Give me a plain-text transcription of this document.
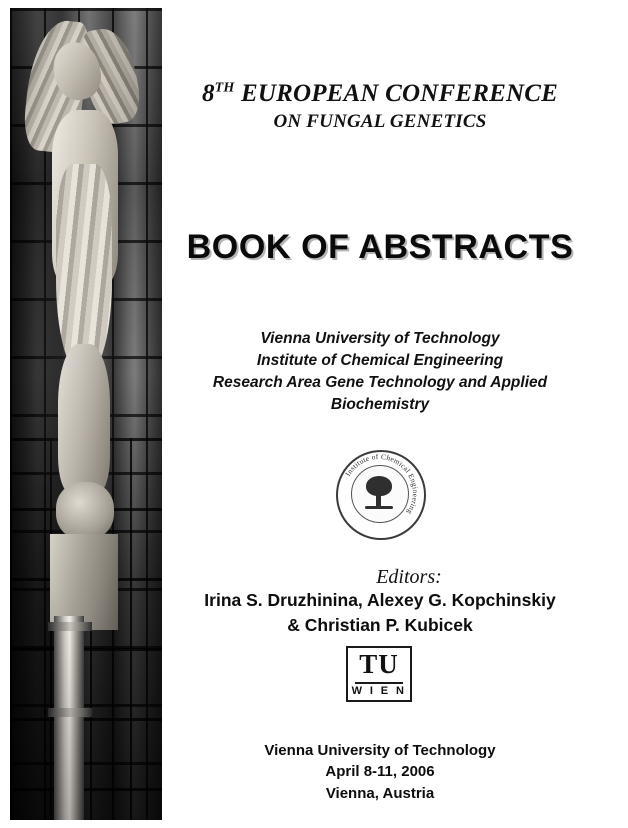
8TH EUROPEAN CONFERENCE
ON FUNGAL GENETICS
BOOK OF ABSTRACTS
Vienna University of Technology
Institute of Chemical Engineering
Research Area Gene Technology and Applied
Biochemistry
Institute of Chemical Engineering
Editors:
Irina S. Druzhinina, Alexey G. Kopchinskiy
& Christian P. Kubicek
TU
W I E N
Vienna University of Technology
April 8-11, 2006
Vienna, Austria
